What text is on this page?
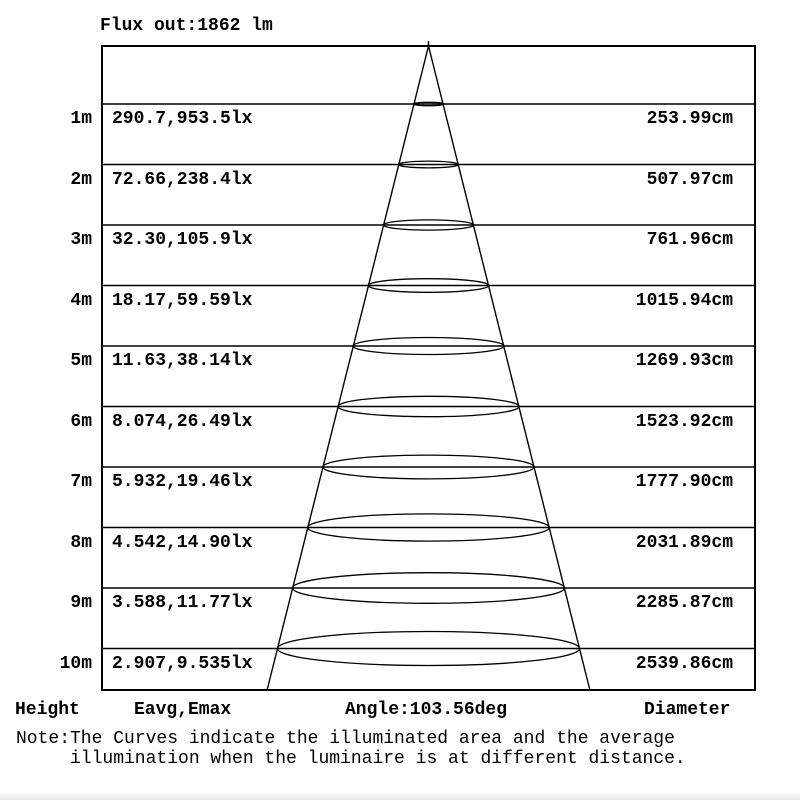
Flux out:1862 lm
1m 290.7,953.5lx	253.99cm
2m 72.66,238.4lx	507.97cm
3m 32.30,105.9lx	761.96cm
4m 18.17,59.59lx	1015.94cm
5m 11.63,38.14lx	1269.93cm
6m 8.074,26.49lx	1523.92cm
7m 5.932,19.46lx	1777.90cm
8m 4.542,14.90lx	2031.89cm
9m 3.588,11.77lx	2285.87cm
10m 2.907,9.535lx	2539.86cm
Height	Eavg,Emax	Angle:103.56deg	Diameter
Note:The Curves indicate the illuminated area and the average
illumination when the luminaire is at different distance.
